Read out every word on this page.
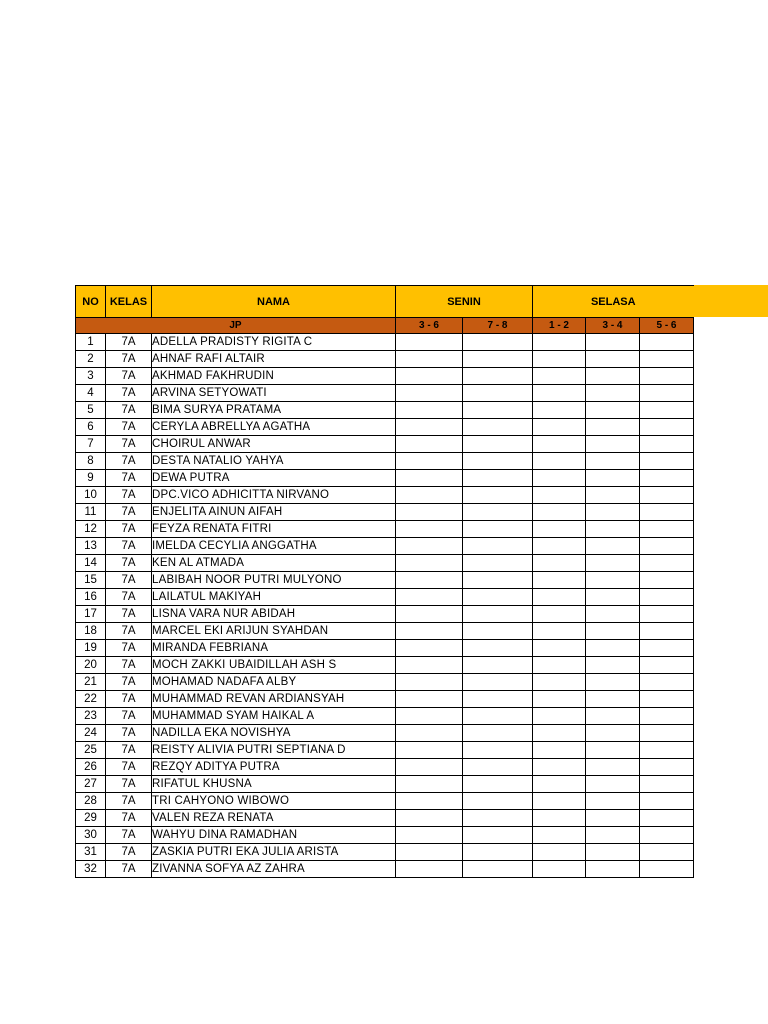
NO	KELAS	NAMA	SENIN		SELASA		
JP			3 - 6	7 - 8	1 - 2	3 - 4	5 - 6
1	7A	ADELLA PRADISTY RIGITA C					
2	7A	AHNAF RAFI ALTAIR					
3	7A	AKHMAD FAKHRUDIN					
4	7A	ARVINA SETYOWATI					
5	7A	BIMA SURYA PRATAMA					
6	7A	CERYLA ABRELLYA AGATHA					
7	7A	CHOIRUL ANWAR					
8	7A	DESTA NATALIO YAHYA					
9	7A	DEWA PUTRA					
10	7A	DPC.VICO ADHICITTA NIRVANO					
11	7A	ENJELITA AINUN AIFAH					
12	7A	FEYZA RENATA FITRI					
13	7A	IMELDA CECYLIA ANGGATHA					
14	7A	KEN AL ATMADA					
15	7A	LABIBAH NOOR PUTRI MULYONO					
16	7A	LAILATUL MAKIYAH					
17	7A	LISNA VARA NUR ABIDAH					
18	7A	MARCEL EKI ARIJUN SYAHDAN					
19	7A	MIRANDA FEBRIANA					
20	7A	MOCH ZAKKI UBAIDILLAH ASH S					
21	7A	MOHAMAD NADAFA ALBY					
22	7A	MUHAMMAD REVAN ARDIANSYAH					
23	7A	MUHAMMAD SYAM HAIKAL A					
24	7A	NADILLA EKA NOVISHYA					
25	7A	REISTY ALIVIA PUTRI SEPTIANA D					
26	7A	REZQY ADITYA PUTRA					
27	7A	RIFATUL KHUSNA					
28	7A	TRI CAHYONO WIBOWO					
29	7A	VALEN REZA RENATA					
30	7A	WAHYU DINA RAMADHAN					
31	7A	ZASKIA PUTRI EKA JULIA ARISTA					
32	7A	ZIVANNA SOFYA AZ ZAHRA					
